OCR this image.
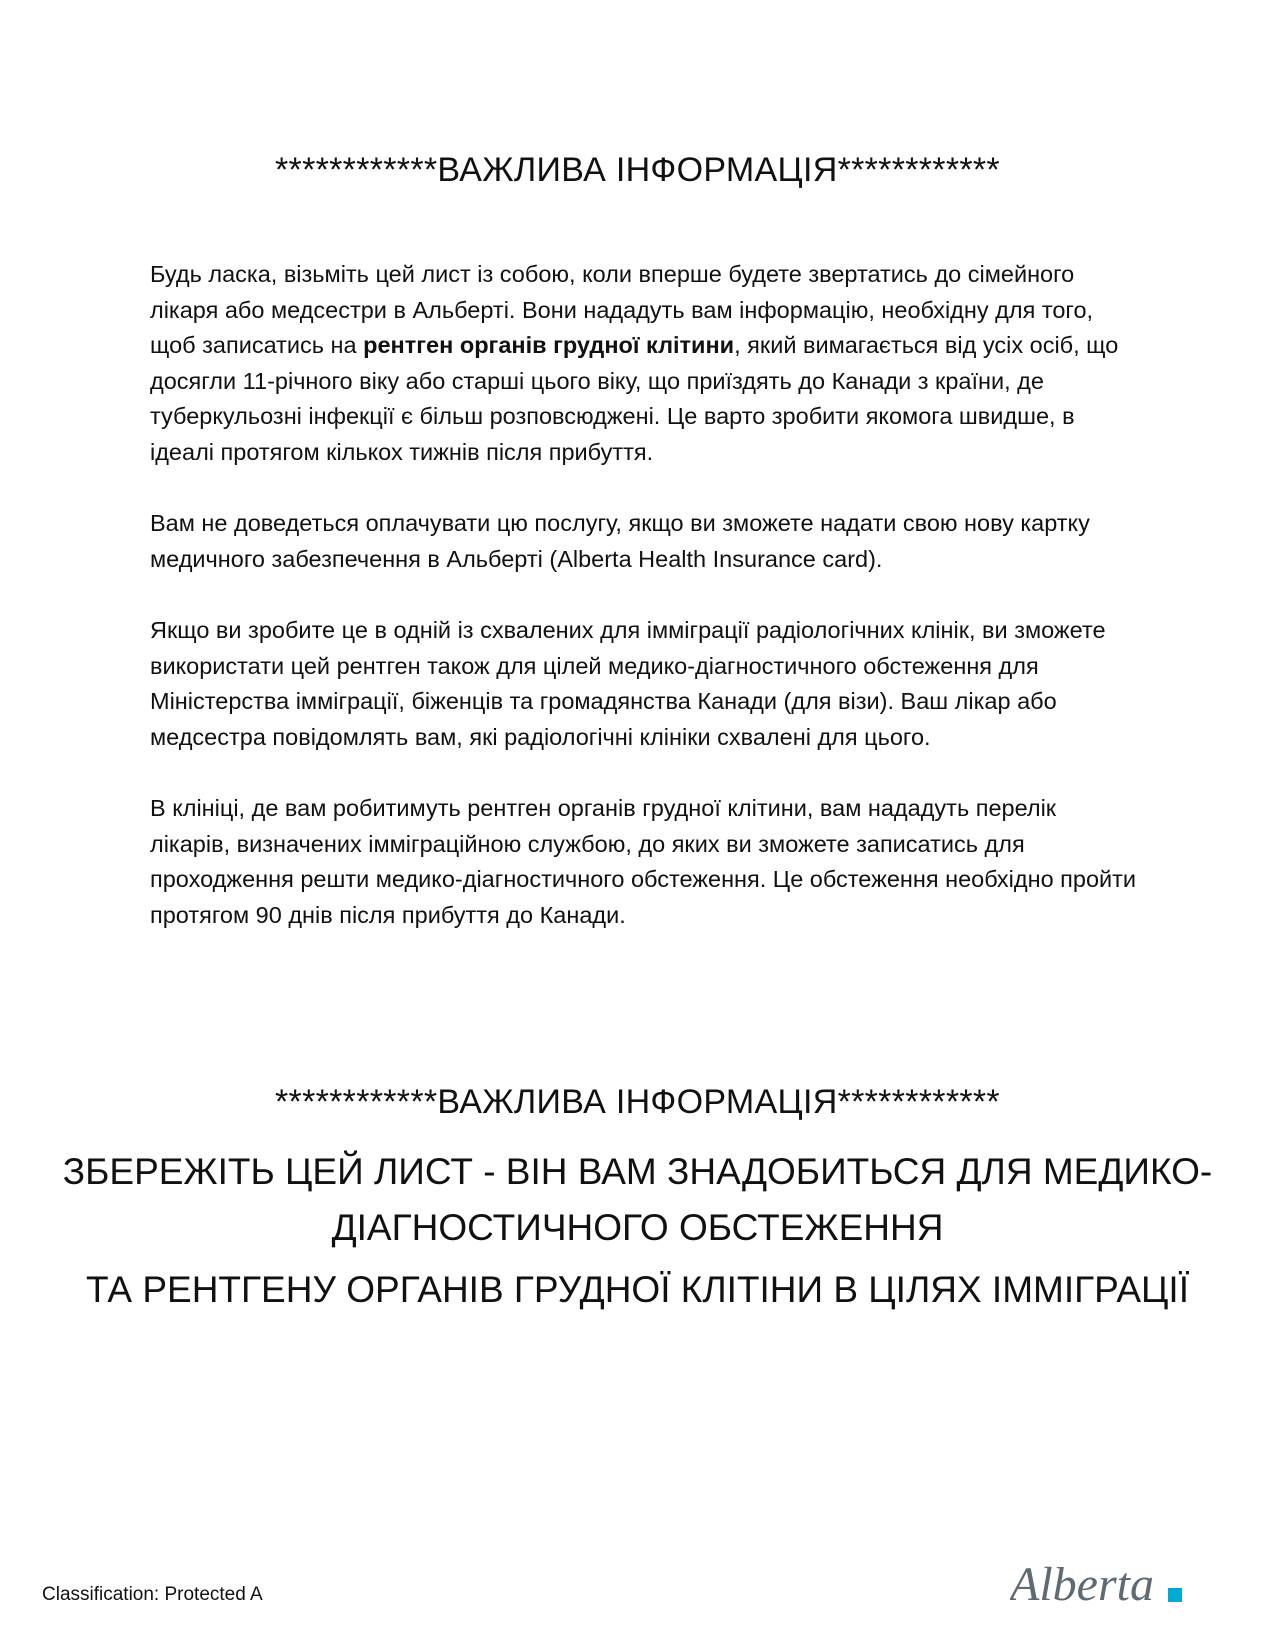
************ВАЖЛИВА ІНФОРМАЦІЯ************

Будь ласка, візьміть цей лист із собою, коли вперше будете звертатись до сімейного лікаря або медсестри в Альберті. Вони нададуть вам інформацію, необхідну для того, щоб записатись на рентген органів грудної клітини, який вимагається від усіх осіб, що досягли 11-річного віку або старші цього віку, що приїздять до Канади з країни, де туберкульозні інфекції є більш розповсюджені. Це варто зробити якомога швидше, в ідеалі протягом кількох тижнів після прибуття.

Вам не доведеться оплачувати цю послугу, якщо ви зможете надати свою нову картку медичного забезпечення в Альберті (Alberta Health Insurance card).

Якщо ви зробите це в одній із схвалених для імміграції радіологічних клінік, ви зможете використати цей рентген також для цілей медико-діагностичного обстеження для Міністерства імміграції, біженців та громадянства Канади (для візи). Ваш лікар або медсестра повідомлять вам, які радіологічні клініки схвалені для цього.

В клініці, де вам робитимуть рентген органів грудної клітини, вам нададуть перелік лікарів, визначених імміграційною службою, до яких ви зможете записатись для проходження решти медико-діагностичного обстеження. Це обстеження необхідно пройти протягом 90 днів після прибуття до Канади.

************ВАЖЛИВА ІНФОРМАЦІЯ************
ЗБЕРЕЖІТЬ ЦЕЙ ЛИСТ - ВІН ВАМ ЗНАДОБИТЬСЯ ДЛЯ МЕДИКО-ДІАГНОСТИЧНОГО ОБСТЕЖЕННЯ
ТА РЕНТГЕНУ ОРГАНІВ ГРУДНОЇ КЛІТІНИ В ЦІЛЯХ ІММІГРАЦІЇ
Classification: Protected A	Alberta
